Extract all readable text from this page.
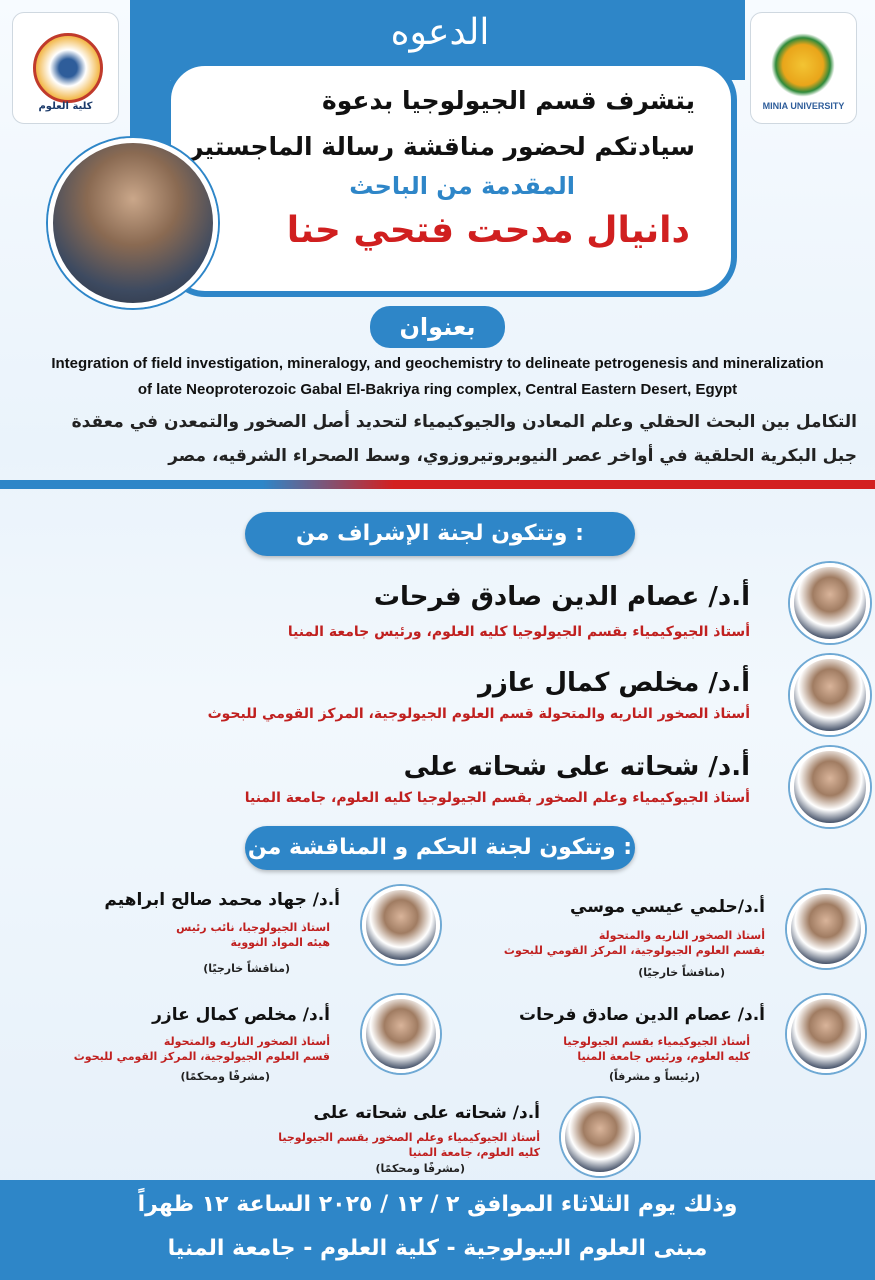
الدعوه
يتشرف قسم الجيولوجيا بدعوة
سيادتكم لحضور مناقشة رسالة الماجستير
المقدمة من الباحث
دانيال مدحت فتحي حنا
MINIA UNIVERSITY
كلية العلوم
بعنوان
Integration of field investigation, mineralogy, and geochemistry to delineate petrogenesis and mineralization
of late Neoproterozoic Gabal El-Bakriya ring complex, Central Eastern Desert, Egypt
التكامل بين البحث الحقلي وعلم المعادن والجيوكيمياء لتحديد أصل الصخور والتمعدن في معقدة
جبل البكرية الحلقية في أواخر عصر النيوبروتيروزوي، وسط الصحراء الشرقيه، مصر
وتتكون لجنة الإشراف من :
أ.د/ عصام الدين صادق فرحات
أستاذ الجيوكيمياء بقسم الجيولوجيا كليه العلوم، ورئيس جامعة المنيا
أ.د/ مخلص كمال عازر
أستاذ الصخور الناريه والمتحولة قسم العلوم الجيولوجية، المركز القومي للبحوث
أ.د/ شحاته على شحاته على
أستاذ الجيوكيمياء وعلم الصخور بقسم الجيولوجيا كليه العلوم، جامعة المنيا
وتتكون لجنة الحكم و المناقشة من :
أ.د/حلمي عيسي موسي
أستاذ الصخور الناريه والمتحولة
بقسم العلوم الجيولوجية، المركز القومي للبحوث
(مناقشاً خارجيًا)
أ.د/ جهاد محمد صالح ابراهيم
استاذ الجيولوجيا، نائب رئيس
هيئه المواد النووية
(مناقشاً خارجيًا)
أ.د/ عصام الدين صادق فرحات
أستاذ الجيوكيمياء بقسم الجيولوجيا
كليه العلوم، ورئيس جامعة المنيا
(رئيساً و مشرفاً)
أ.د/ مخلص كمال عازر
أستاذ الصخور الناريه والمتحولة
قسم العلوم الجيولوجية، المركز القومي للبحوث
(مشرفًا ومحكمًا)
أ.د/ شحاته على شحاته على
أستاذ الجيوكيمياء وعلم الصخور بقسم الجيولوجيا
كليه العلوم، جامعة المنيا
(مشرفًا ومحكمًا)
وذلك يوم الثلاثاء الموافق ٢ / ١٢ / ٢٠٢٥ الساعة ١٢ ظهراً
مبنى العلوم البيولوجية - كلية العلوم - جامعة المنيا
